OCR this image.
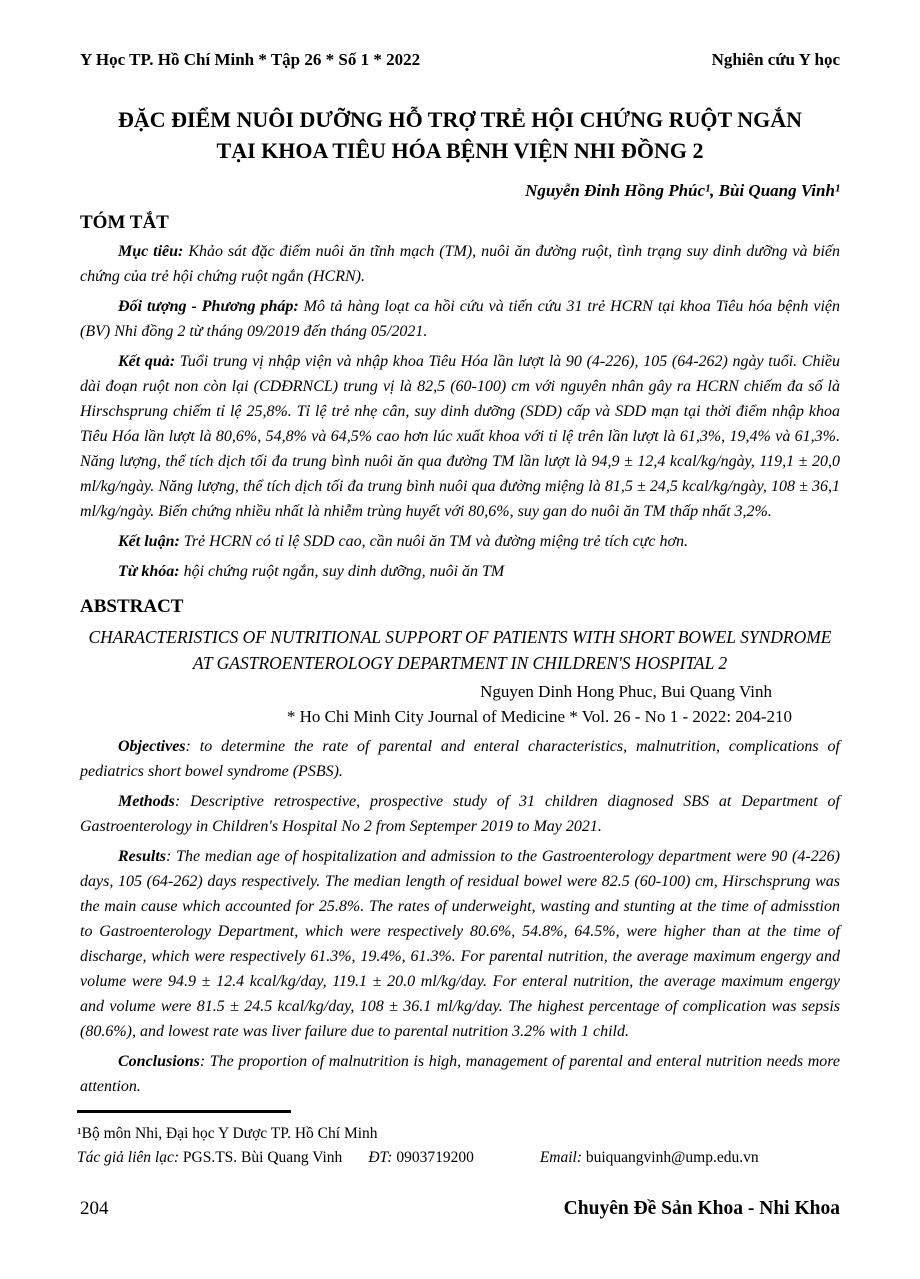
Y Học TP. Hồ Chí Minh * Tập 26 * Số 1 * 2022	Nghiên cứu Y học
ĐẶC ĐIỂM NUÔI DƯỠNG HỖ TRỢ TRẺ HỘI CHỨNG RUỘT NGẮN
TẠI KHOA TIÊU HÓA BỆNH VIỆN NHI ĐỒNG 2
Nguyễn Đinh Hồng Phúc¹, Bùi Quang Vinh¹
TÓM TẮT

Mục tiêu: Khảo sát đặc điểm nuôi ăn tĩnh mạch (TM), nuôi ăn đường ruột, tình trạng suy dinh dưỡng và biến chứng của trẻ hội chứng ruột ngắn (HCRN).

Đối tượng - Phương pháp: Mô tả hàng loạt ca hồi cứu và tiến cứu 31 trẻ HCRN tại khoa Tiêu hóa bệnh viện (BV) Nhi đồng 2 từ tháng 09/2019 đến tháng 05/2021.

Kết quả: Tuổi trung vị nhập viện và nhập khoa Tiêu Hóa lần lượt là 90 (4-226), 105 (64-262) ngày tuổi. Chiều dài đoạn ruột non còn lại (CDĐRNCL) trung vị là 82,5 (60-100) cm với nguyên nhân gây ra HCRN chiếm đa số là Hirschsprung chiếm tỉ lệ 25,8%. Tỉ lệ trẻ nhẹ cân, suy dinh dưỡng (SDD) cấp và SDD mạn tại thời điểm nhập khoa Tiêu Hóa lần lượt là 80,6%, 54,8% và 64,5% cao hơn lúc xuất khoa với tỉ lệ trên lần lượt là 61,3%, 19,4% và 61,3%. Năng lượng, thể tích dịch tối đa trung bình nuôi ăn qua đường TM lần lượt là 94,9 ± 12,4 kcal/kg/ngày, 119,1 ± 20,0 ml/kg/ngày. Năng lượng, thể tích dịch tối đa trung bình nuôi qua đường miệng là 81,5 ± 24,5 kcal/kg/ngày, 108 ± 36,1 ml/kg/ngày. Biến chứng nhiều nhất là nhiễm trùng huyết với 80,6%, suy gan do nuôi ăn TM thấp nhất 3,2%.

Kết luận: Trẻ HCRN có tỉ lệ SDD cao, cần nuôi ăn TM và đường miệng trẻ tích cực hơn.

Từ khóa: hội chứng ruột ngắn, suy dinh dưỡng, nuôi ăn TM

ABSTRACT
CHARACTERISTICS OF NUTRITIONAL SUPPORT OF PATIENTS WITH SHORT BOWEL SYNDROME
AT GASTROENTEROLOGY DEPARTMENT IN CHILDREN'S HOSPITAL 2
Nguyen Dinh Hong Phuc, Bui Quang Vinh
* Ho Chi Minh City Journal of Medicine * Vol. 26 - No 1 - 2022: 204-210

Objectives: to determine the rate of parental and enteral characteristics, malnutrition, complications of pediatrics short bowel syndrome (PSBS).

Methods: Descriptive retrospective, prospective study of 31 children diagnosed SBS at Department of Gastroenterology in Children's Hospital No 2 from Septemper 2019 to May 2021.

Results: The median age of hospitalization and admission to the Gastroenterology department were 90 (4-226) days, 105 (64-262) days respectively. The median length of residual bowel were 82.5 (60-100) cm, Hirschsprung was the main cause which accounted for 25.8%. The rates of underweight, wasting and stunting at the time of admisstion to Gastroenterology Department, which were respectively 80.6%, 54.8%, 64.5%, were higher than at the time of discharge, which were respectively 61.3%, 19.4%, 61.3%. For parental nutrition, the average maximum engergy and volume were 94.9 ± 12.4 kcal/kg/day, 119.1 ± 20.0 ml/kg/day. For enteral nutrition, the average maximum engergy and volume were 81.5 ± 24.5 kcal/kg/day, 108 ± 36.1 ml/kg/day. The highest percentage of complication was sepsis (80.6%), and lowest rate was liver failure due to parental nutrition 3.2% with 1 child.

Conclusions: The proportion of malnutrition is high, management of parental and enteral nutrition needs more attention.

¹Bộ môn Nhi, Đại học Y Dược TP. Hồ Chí Minh
Tác giả liên lạc: PGS.TS. Bùi Quang Vinh ĐT: 0903719200	Email: buiquangvinh@ump.edu.vn
204	Chuyên Đề Sản Khoa - Nhi Khoa
